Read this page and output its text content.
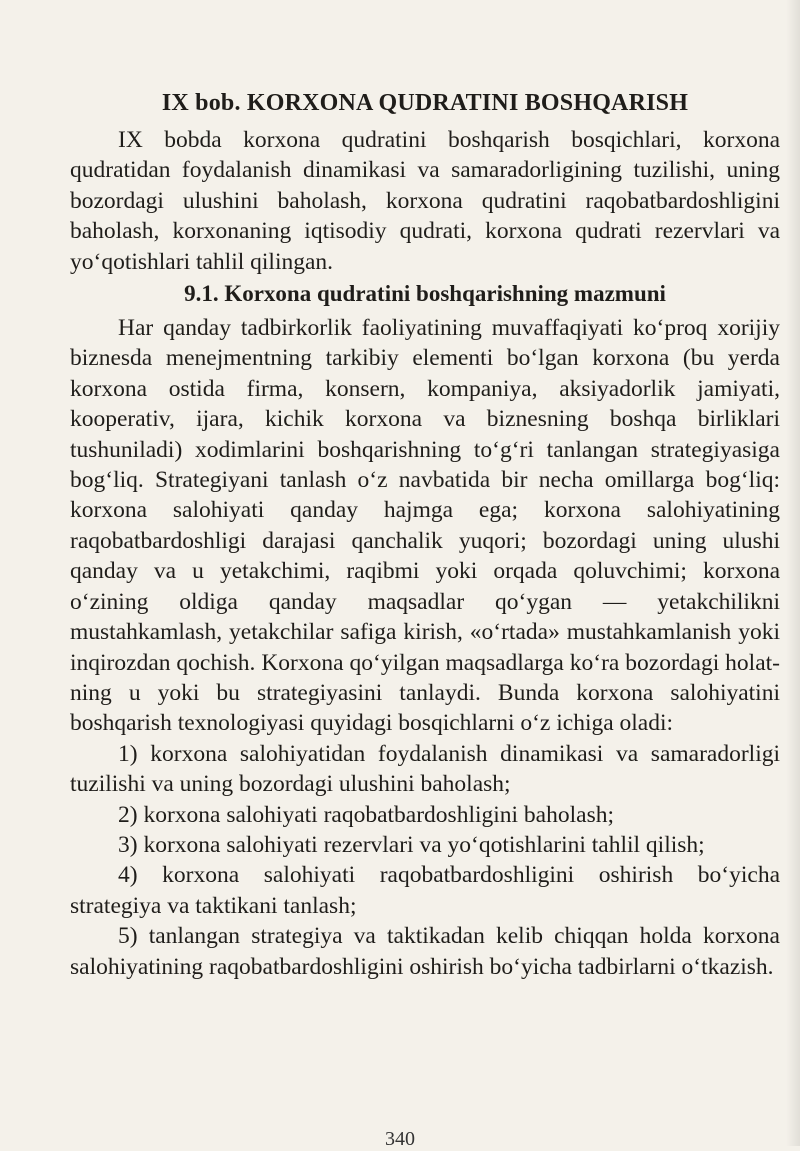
IX bob. KORXONA QUDRATINI BOSHQARISH

IX bobda korxona qudratini boshqarish bosqichlari, korxona qudratidan foydalanish dinamikasi va samaradorligining tuzilishi, uning bozordagi ulushini baholash, korxona qudratini raqobatbardoshligini baholash, korxonaning iqtisodiy qudrati, korxona qudrati rezervlari va yo‘qotishlari tahlil qilingan.

9.1. Korxona qudratini boshqarishning mazmuni

Har qanday tadbirkorlik faoliyatining muvaffaqiyati ko‘proq xorijiy biznesda menejmentning tarkibiy elementi bo‘lgan korxona (bu yerda korxona ostida firma, konsern, kompaniya, aksiyadorlik jamiyati, kooperativ, ijara, kichik korxona va biznesning boshqa birliklari tushuniladi) xodimlarini boshqarishning to‘g‘ri tanlangan strategiyasiga bog‘liq. Strategiyani tanlash o‘z navbatida bir necha omillarga bog‘liq: korxona salohiyati qanday hajmga ega; korxona salohiyatining raqobatbardoshligi darajasi qanchalik yuqori; bozordagi uning ulushi qanday va u yetakchimi, raqibmi yoki orqada qoluvchimi; korxona o‘zining oldiga qanday maqsadlar qo‘ygan — yetakchilikni mustahkamlash, yetakchilar safiga kirish, «o‘rtada» mustahkamlanish yoki inqirozdan qochish. Korxona qo‘yilgan maqsadlarga ko‘ra bozordagi holatning u yoki bu strategiyasini tanlaydi. Bunda korxona salohiyatini boshqarish texnologiyasi quyidagi bosqichlarni o‘z ichiga oladi:

1) korxona salohiyatidan foydalanish dinamikasi va samaradorligi tuzilishi va uning bozordagi ulushini baholash;
2) korxona salohiyati raqobatbardoshligini baholash;
3) korxona salohiyati rezervlari va yo‘qotishlarini tahlil qilish;
4) korxona salohiyati raqobatbardoshligini oshirish bo‘yicha strategiya va taktikani tanlash;
5) tanlangan strategiya va taktikadan kelib chiqqan holda korxona salohiyatining raqobatbardoshligini oshirish bo‘yicha tadbirlarni o‘tkazish.
340
